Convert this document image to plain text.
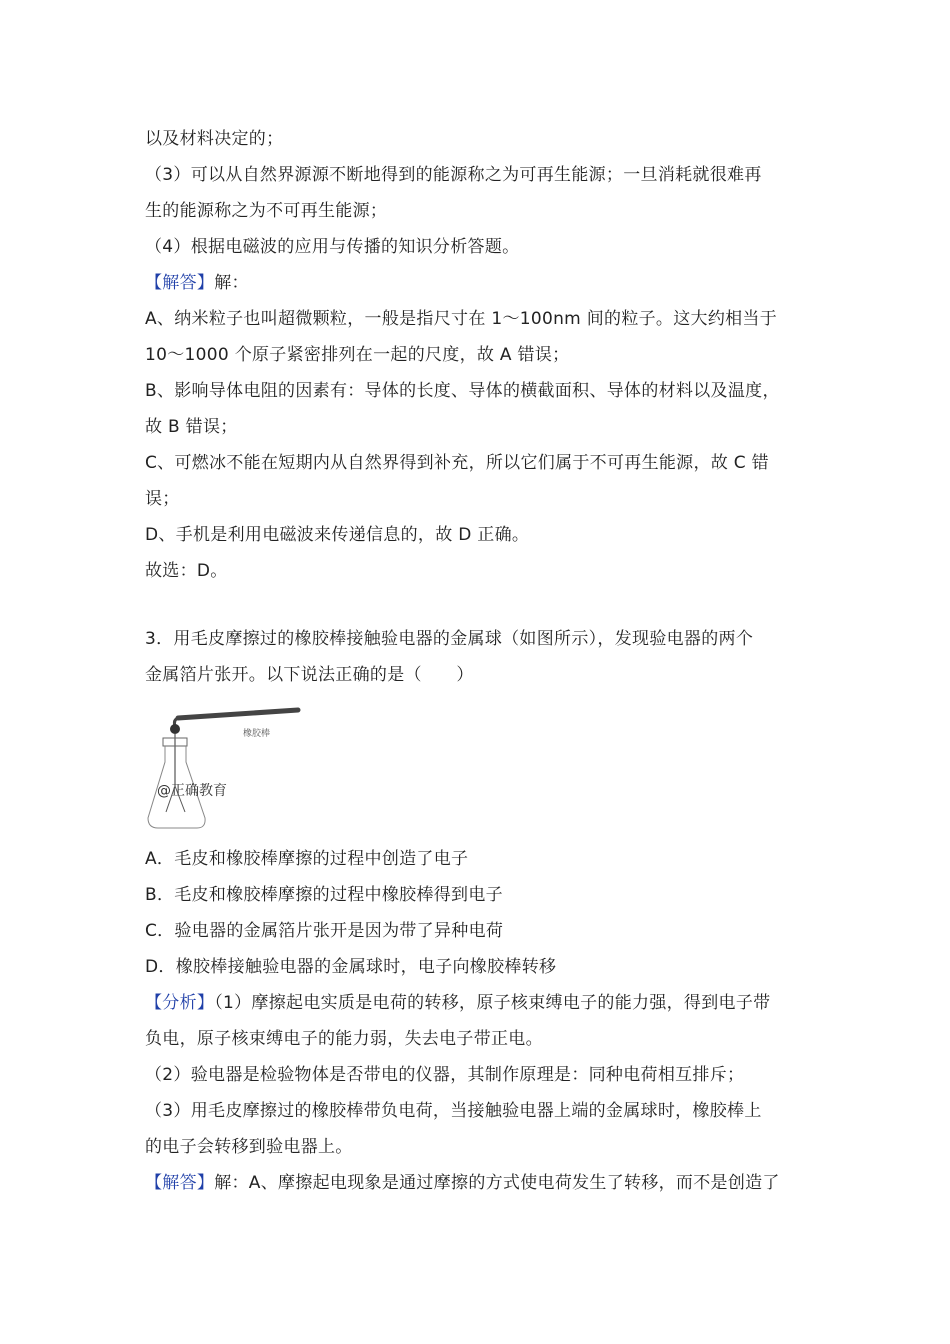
以及材料决定的；
（3）可以从自然界源源不断地得到的能源称之为可再生能源；一旦消耗就很难再
生的能源称之为不可再生能源；
（4）根据电磁波的应用与传播的知识分析答题。
【解答】解：
A、纳米粒子也叫超微颗粒，一般是指尺寸在 1～100nm 间的粒子。这大约相当于
10～1000 个原子紧密排列在一起的尺度，故 A 错误；
B、影响导体电阻的因素有：导体的长度、导体的横截面积、导体的材料以及温度，
故 B 错误；
C、可燃冰不能在短期内从自然界得到补充，所以它们属于不可再生能源，故 C 错
误；
D、手机是利用电磁波来传递信息的，故 D 正确。
故选：D。
3．用毛皮摩擦过的橡胶棒接触验电器的金属球（如图所示），发现验电器的两个
金属箔片张开。以下说法正确的是（　　）
A．毛皮和橡胶棒摩擦的过程中创造了电子
B．毛皮和橡胶棒摩擦的过程中橡胶棒得到电子
C．验电器的金属箔片张开是因为带了异种电荷
D．橡胶棒接触验电器的金属球时，电子向橡胶棒转移
【分析】（1）摩擦起电实质是电荷的转移，原子核束缚电子的能力强，得到电子带
负电，原子核束缚电子的能力弱，失去电子带正电。
（2）验电器是检验物体是否带电的仪器，其制作原理是：同种电荷相互排斥；
（3）用毛皮摩擦过的橡胶棒带负电荷，当接触验电器上端的金属球时，橡胶棒上
的电子会转移到验电器上。
【解答】解：A、摩擦起电现象是通过摩擦的方式使电荷发生了转移，而不是创造了
橡胶棒
@正确教育
